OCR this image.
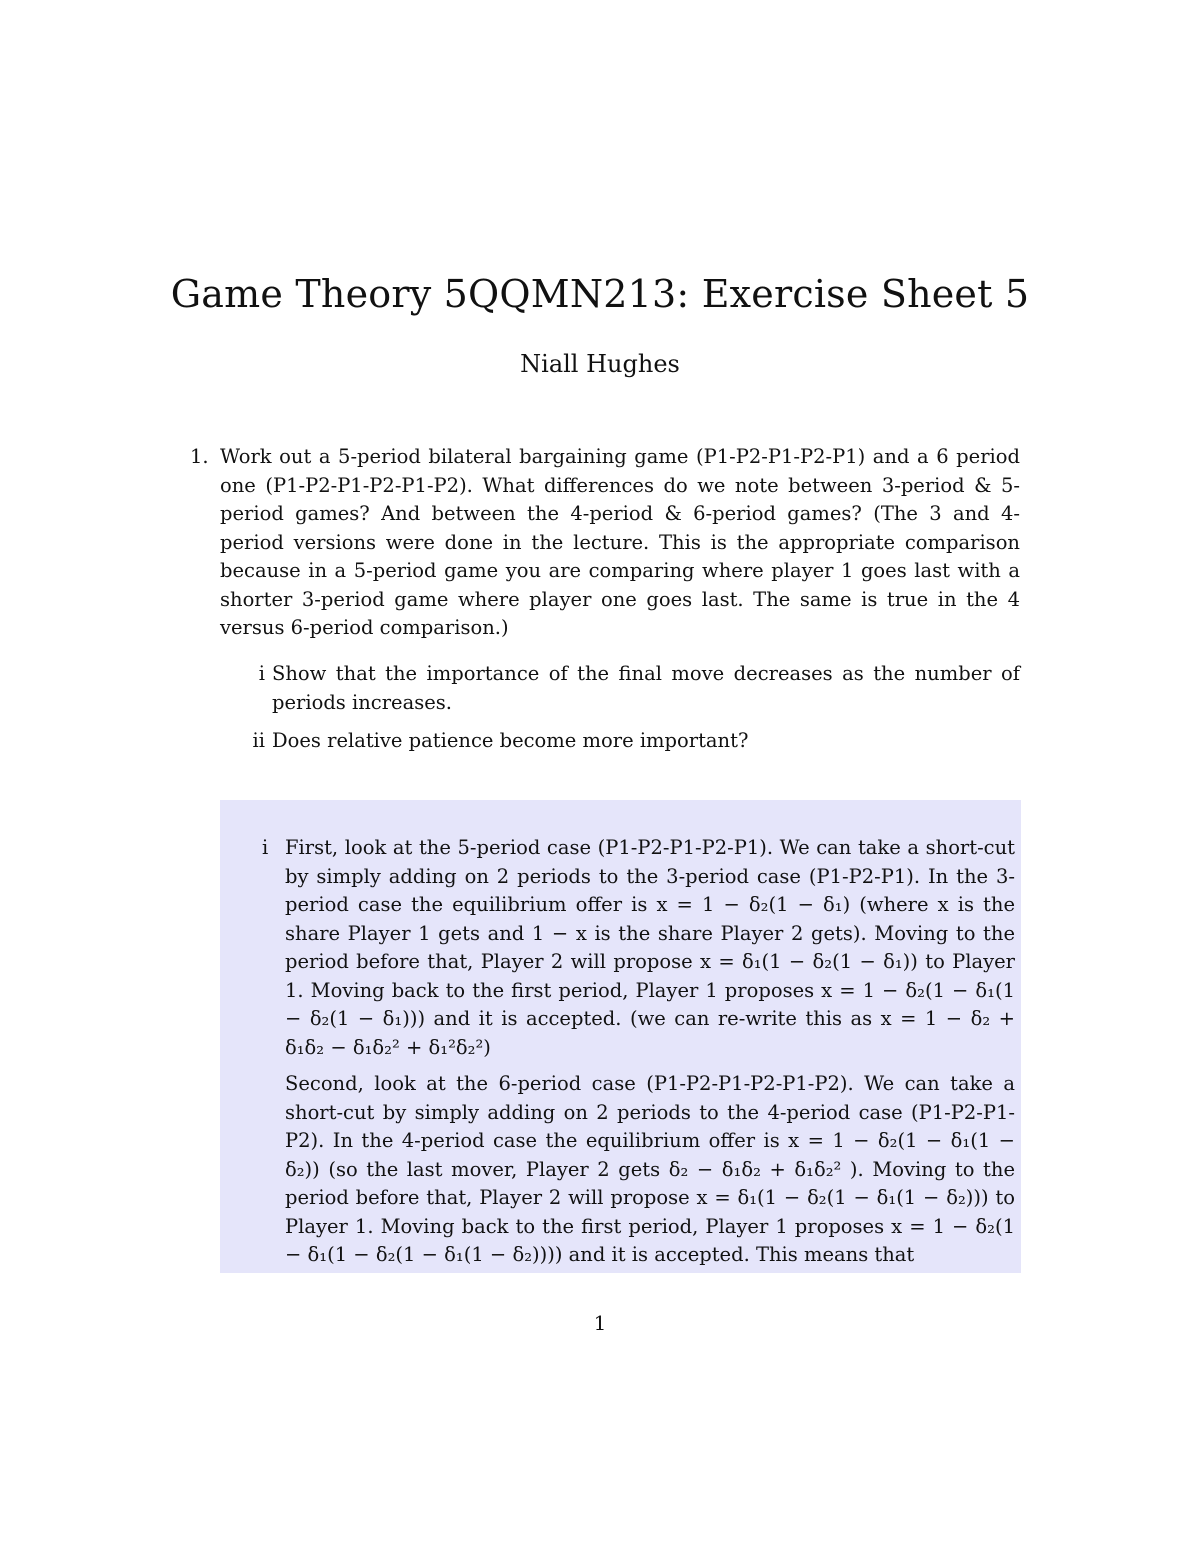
Game Theory 5QQMN213: Exercise Sheet 5
Niall Hughes
1. Work out a 5-period bilateral bargaining game (P1-P2-P1-P2-P1) and a 6 period one (P1-P2-P1-P2-P1-P2). What differences do we note between 3-period & 5-period games? And between the 4-period & 6-period games? (The 3 and 4-period versions were done in the lecture. This is the appropriate comparison because in a 5-period game you are comparing where player 1 goes last with a shorter 3-period game where player one goes last. The same is true in the 4 versus 6-period comparison.)

i Show that the importance of the final move decreases as the number of periods increases.

ii Does relative patience become more important?

i First, look at the 5-period case (P1-P2-P1-P2-P1). We can take a short-cut by simply adding on 2 periods to the 3-period case (P1-P2-P1). In the 3-period case the equilibrium offer is x = 1 − δ₂(1 − δ₁) (where x is the share Player 1 gets and 1 − x is the share Player 2 gets). Moving to the period before that, Player 2 will propose x = δ₁(1 − δ₂(1 − δ₁)) to Player 1. Moving back to the first period, Player 1 proposes x = 1 − δ₂(1 − δ₁(1 − δ₂(1 − δ₁))) and it is accepted. (we can re-write this as x = 1 − δ₂ + δ₁δ₂ − δ₁δ₂² + δ₁²δ₂²)

Second, look at the 6-period case (P1-P2-P1-P2-P1-P2). We can take a short-cut by simply adding on 2 periods to the 4-period case (P1-P2-P1-P2). In the 4-period case the equilibrium offer is x = 1 − δ₂(1 − δ₁(1 − δ₂)) (so the last mover, Player 2 gets δ₂ − δ₁δ₂ + δ₁δ₂² ). Moving to the period before that, Player 2 will propose x = δ₁(1 − δ₂(1 − δ₁(1 − δ₂))) to Player 1. Moving back to the first period, Player 1 proposes x = 1 − δ₂(1 − δ₁(1 − δ₂(1 − δ₁(1 − δ₂)))) and it is accepted. This means that

1
